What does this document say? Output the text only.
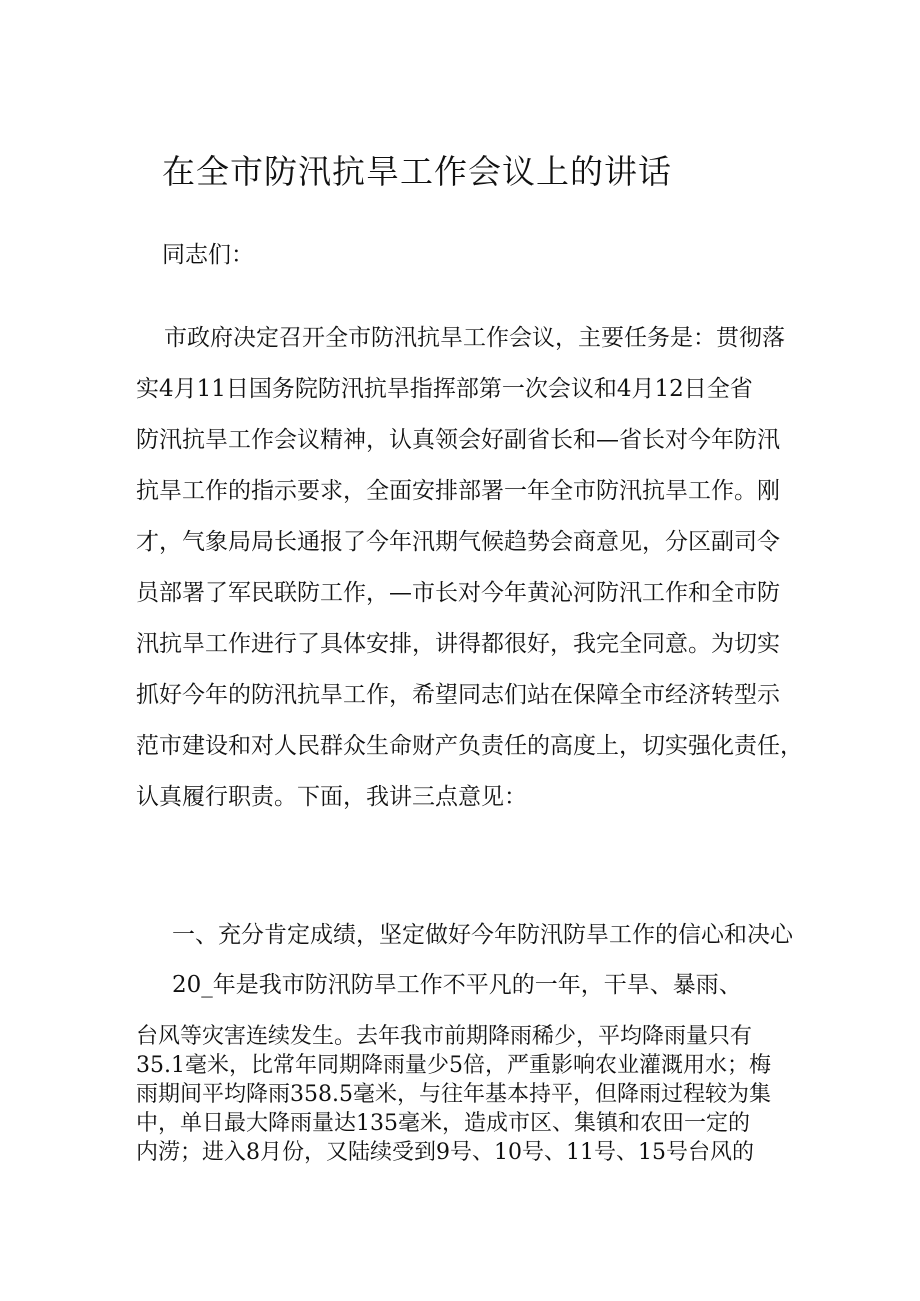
在全市防汛抗旱工作会议上的讲话
同志们：
市政府决定召开全市防汛抗旱工作会议，主要任务是：贯彻落
实4月11日国务院防汛抗旱指挥部第一次会议和4月12日全省
防汛抗旱工作会议精神，认真领会好副省长和—省长对今年防汛
抗旱工作的指示要求，全面安排部署一年全市防汛抗旱工作。刚
才，气象局局长通报了今年汛期气候趋势会商意见，分区副司令
员部署了军民联防工作，—市长对今年黄沁河防汛工作和全市防
汛抗旱工作进行了具体安排，讲得都很好，我完全同意。为切实
抓好今年的防汛抗旱工作，希望同志们站在保障全市经济转型示
范市建设和对人民群众生命财产负责任的高度上，切实强化责任，
认真履行职责。下面，我讲三点意见：
一、充分肯定成绩，坚定做好今年防汛防旱工作的信心和决心
20_年是我市防汛防旱工作不平凡的一年，干旱、暴雨、
台风等灾害连续发生。去年我市前期降雨稀少，平均降雨量只有
35.1毫米，比常年同期降雨量少5倍，严重影响农业灌溉用水；梅
雨期间平均降雨358.5毫米，与往年基本持平，但降雨过程较为集
中，单日最大降雨量达135毫米，造成市区、集镇和农田一定的
内涝；进入8月份，又陆续受到9号、10号、11号、15号台风的
